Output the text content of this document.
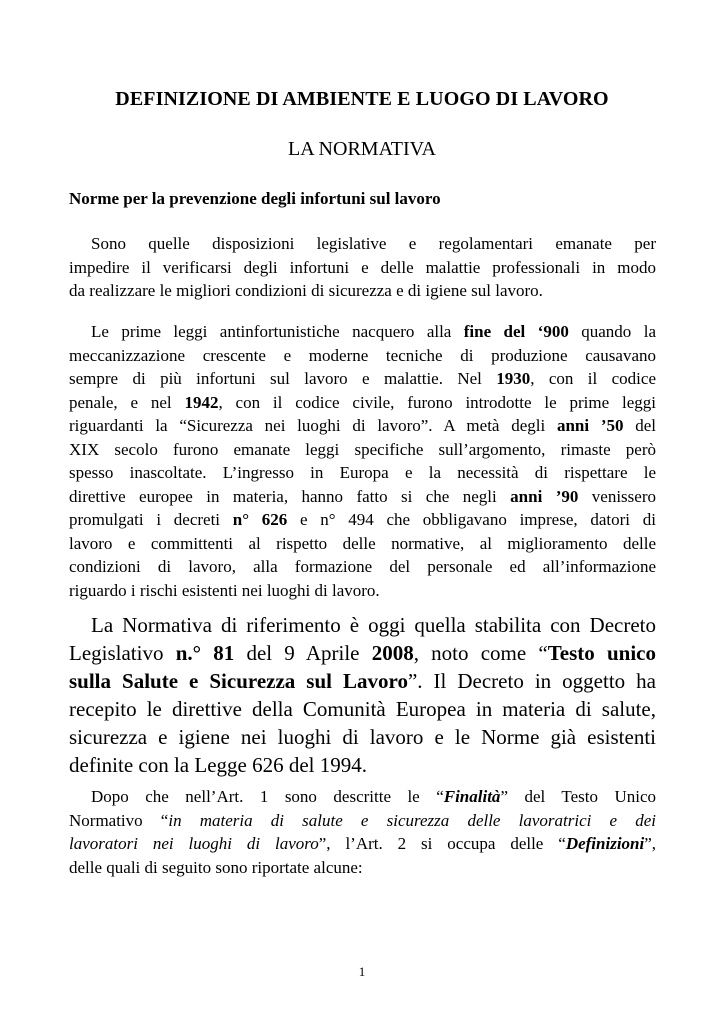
DEFINIZIONE DI AMBIENTE E LUOGO DI LAVORO

LA NORMATIVA

Norme per la prevenzione degli infortuni sul lavoro

Sono quelle disposizioni legislative e regolamentari emanate per
impedire il verificarsi degli infortuni e delle malattie professionali in modo
da realizzare le migliori condizioni di sicurezza e di igiene sul lavoro.
Le prime leggi antinfortunistiche nacquero alla fine del ‘900 quando la
meccanizzazione crescente e moderne tecniche di produzione causavano
sempre di più infortuni sul lavoro e malattie. Nel 1930, con il codice
penale, e nel 1942, con il codice civile, furono introdotte le prime leggi
riguardanti la “Sicurezza nei luoghi di lavoro”. A metà degli anni ’50 del
XIX secolo furono emanate leggi specifiche sull’argomento, rimaste però
spesso inascoltate. L’ingresso in Europa e la necessità di rispettare le
direttive europee in materia, hanno fatto si che negli anni ’90 venissero
promulgati i decreti n° 626 e n° 494 che obbligavano imprese, datori di
lavoro e committenti al rispetto delle normative, al miglioramento delle
condizioni di lavoro, alla formazione del personale ed all’informazione
riguardo i rischi esistenti nei luoghi di lavoro.
La Normativa di riferimento è oggi quella stabilita con Decreto
Legislativo n.° 81 del 9 Aprile 2008, noto come “Testo unico
sulla Salute e Sicurezza sul Lavoro”. Il Decreto in oggetto ha
recepito le direttive della Comunità Europea in materia di salute,
sicurezza e igiene nei luoghi di lavoro e le Norme già esistenti
definite con la Legge 626 del 1994.
Dopo che nell’Art. 1 sono descritte le “Finalità” del Testo Unico
Normativo “in materia di salute e sicurezza delle lavoratrici e dei
lavoratori nei luoghi di lavoro”, l’Art. 2 si occupa delle “Definizioni”,
delle quali di seguito sono riportate alcune:
1
